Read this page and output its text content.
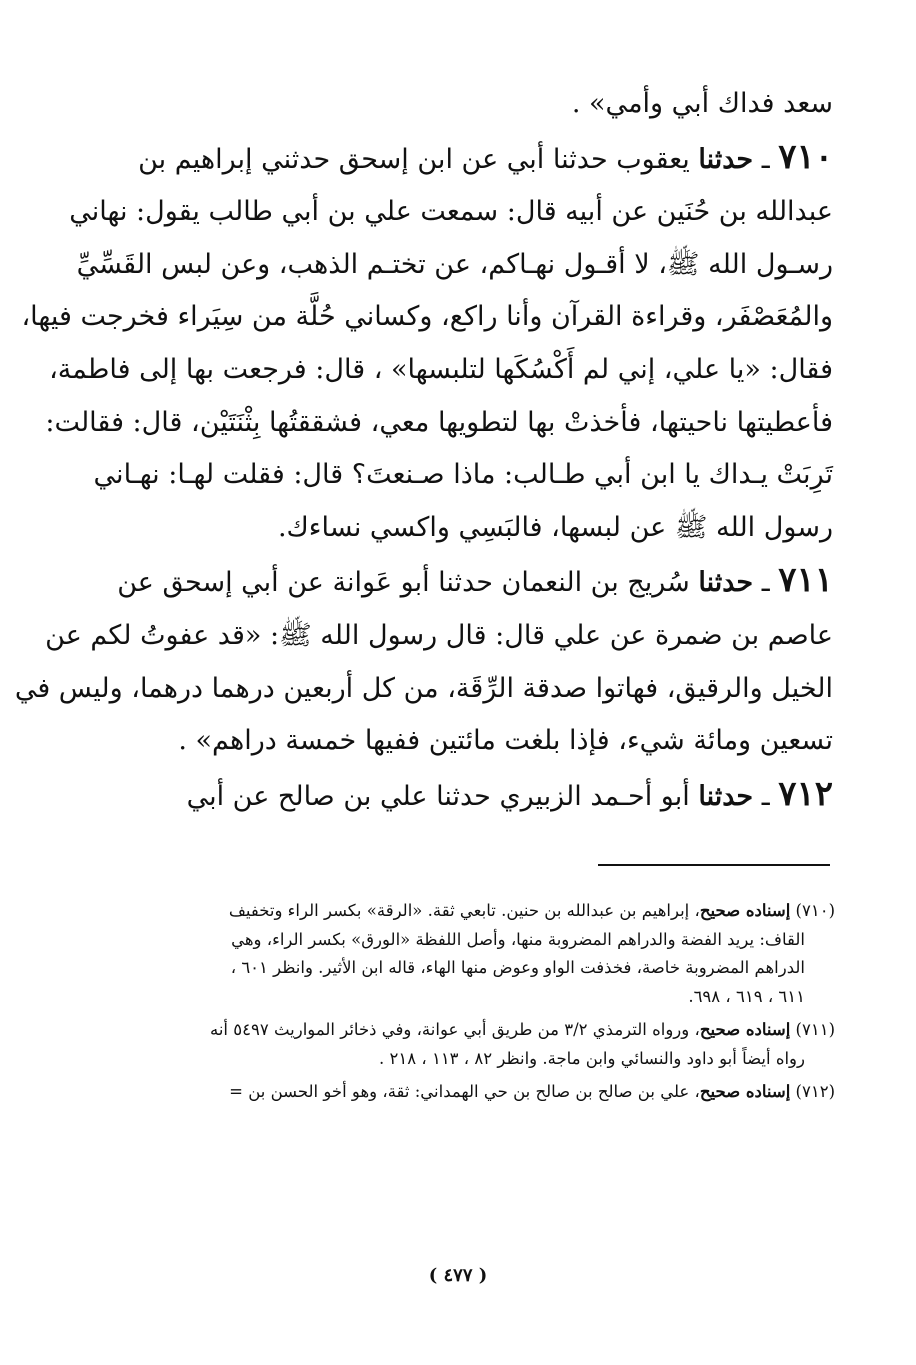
سعد فداك أبي وأمي» .

٧١٠ ـ حدثنا يعقوب حدثنا أبي عن ابن إسحق حدثني إبراهيم بن
عبدالله بن حُنَين عن أبيه قال: سمعت علي بن أبي طالب يقول: نهاني
رسـول الله ﷺ، لا أقـول نهـاكم، عن تختـم الذهب، وعن لبس القَسِّيِّ
والمُعَصْفَر، وقراءة القرآن وأنا راكع، وكساني حُلَّة من سِيَراء فخرجت فيها،
فقال: «يا علي، إني لم أَكْسُكَها لتلبسها» ، قال: فرجعت بها إلى فاطمة،
فأعطيتها ناحيتها، فأخذتْ بها لتطويها معي، فشققتُها بِثْنَتَيْن، قال: فقالت:
تَرِبَتْ يـداك يا ابن أبي طـالب: ماذا صـنعتَ؟ قال: فقلت لهـا: نهـاني
رسول الله ﷺ عن لبسها، فالبَسِي واكسي نساءك.

٧١١ ـ حدثنا سُريج بن النعمان حدثنا أبو عَوانة عن أبي إسحق عن
عاصم بن ضمرة عن علي قال: قال رسول الله ﷺ: «قد عفوتُ لكم عن
الخيل والرقيق، فهاتوا صدقة الرِّقَة، من كل أربعين درهما درهما، وليس في
تسعين ومائة شيء، فإذا بلغت مائتين ففيها خمسة دراهم» .

٧١٢ ـ حدثنا أبو أحـمد الزبيري حدثنا علي بن صالح عن أبي

(٧١٠) إسناده صحيح، إبراهيم بن عبدالله بن حنين. تابعي ثقة. «الرقة» بكسر الراء وتخفيف
القاف: يريد الفضة والدراهم المضروبة منها، وأصل اللفظة «الورق» بكسر الراء، وهي
الدراهم المضروبة خاصة، فخذفت الواو وعوض منها الهاء، قاله ابن الأثير. وانظر ٦٠١ ،
٦١١ ، ٦١٩ ، ٦٩٨.
(٧١١) إسناده صحيح، ورواه الترمذي ٣/٢ من طريق أبي عوانة، وفي ذخائر المواريث ٥٤٩٧ أنه
رواه أيضاً أبو داود والنسائي وابن ماجة. وانظر ٨٢ ، ١١٣ ، ٢١٨ .
(٧١٢) إسناده صحيح، علي بن صالح بن صالح بن حي الهمداني: ثقة، وهو أخو الحسن بن =
( ٤٧٧ )
